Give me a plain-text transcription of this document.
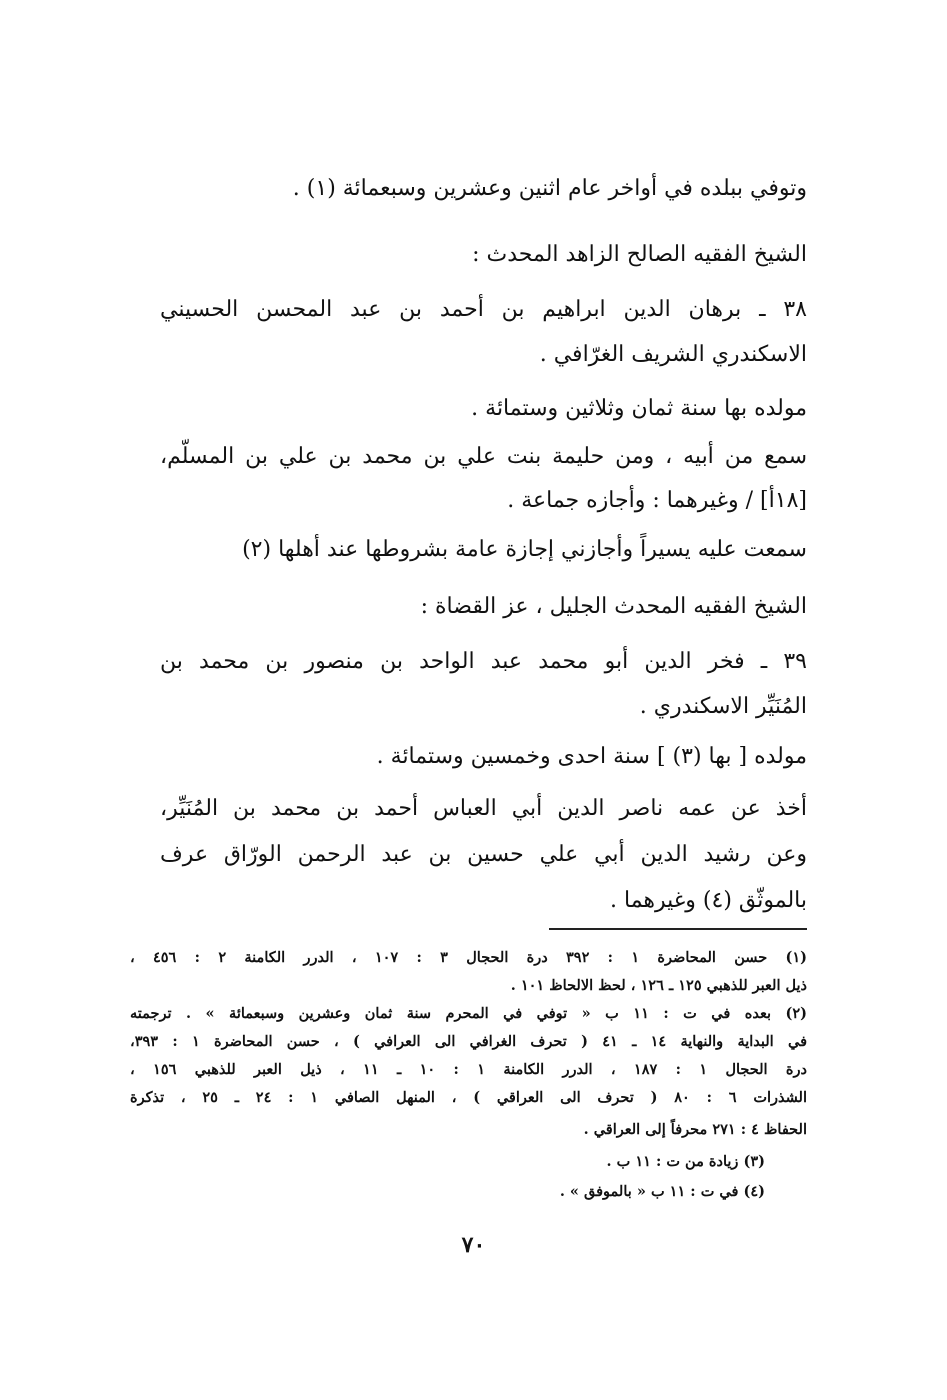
وتوفي ببلده في أواخر عام اثنين وعشرين وسبعمائة (١) .
الشيخ الفقيه الصالح الزاهد المحدث :
٣٨ ـ برهان الدين ابراهيم بن أحمد بن عبد المحسن الحسيني
الاسكندري الشريف الغرّافي .
مولده بها سنة ثمان وثلاثين وستمائة .
سمع من أبيه ، ومن حليمة بنت علي بن محمد بن علي بن المسلّم،
[١٨أ] / وغيرهما : وأجازه جماعة .
سمعت عليه يسيراً وأجازني إجازة عامة بشروطها عند أهلها (٢)
الشيخ الفقيه المحدث الجليل ، عز القضاة :
٣٩ ـ فخر الدين أبو محمد عبد الواحد بن منصور بن محمد بن
المُنَيِّر الاسكندري .
مولده [ بها (٣) ] سنة احدى وخمسين وستمائة .
أخذ عن عمه ناصر الدين أبي العباس أحمد بن محمد بن المُنَيِّر،
وعن رشيد الدين أبي علي حسين بن عبد الرحمن الورّاق عرف
بالموثّق (٤) وغيرهما .
(١) حسن المحاضرة ١ : ٣٩٢ درة الحجال ٣ : ١٠٧ ، الدرر الكامنة ٢ : ٤٥٦ ،
ذيل العبر للذهبي ١٢٥ ـ ١٢٦ ، لحظ الالحاظ ١٠١ .
(٢) بعده في ت : ١١ ب « توفي في المحرم سنة ثمان وعشرين وسبعمائة » . ترجمته
في البداية والنهاية ١٤ ـ ٤١ ( تحرف الغرافي الى العرافي ) ، حسن المحاضرة ١ : ٣٩٣،
درة الحجال ١ : ١٨٧ ، الدرر الكامنة ١ : ١٠ ـ ١١ ، ذيل العبر للذهبي ١٥٦ ،
الشذرات ٦ : ٨٠ ( تحرف الى العراقي ) ، المنهل الصافي ١ : ٢٤ ـ ٢٥ ، تذكرة
الحفاظ ٤ : ٢٧١ محرفاً إلى العراقي .
(٣) زيادة من ت : ١١ ب .
(٤) في ت : ١١ ب « بالموفق » .
٧٠
